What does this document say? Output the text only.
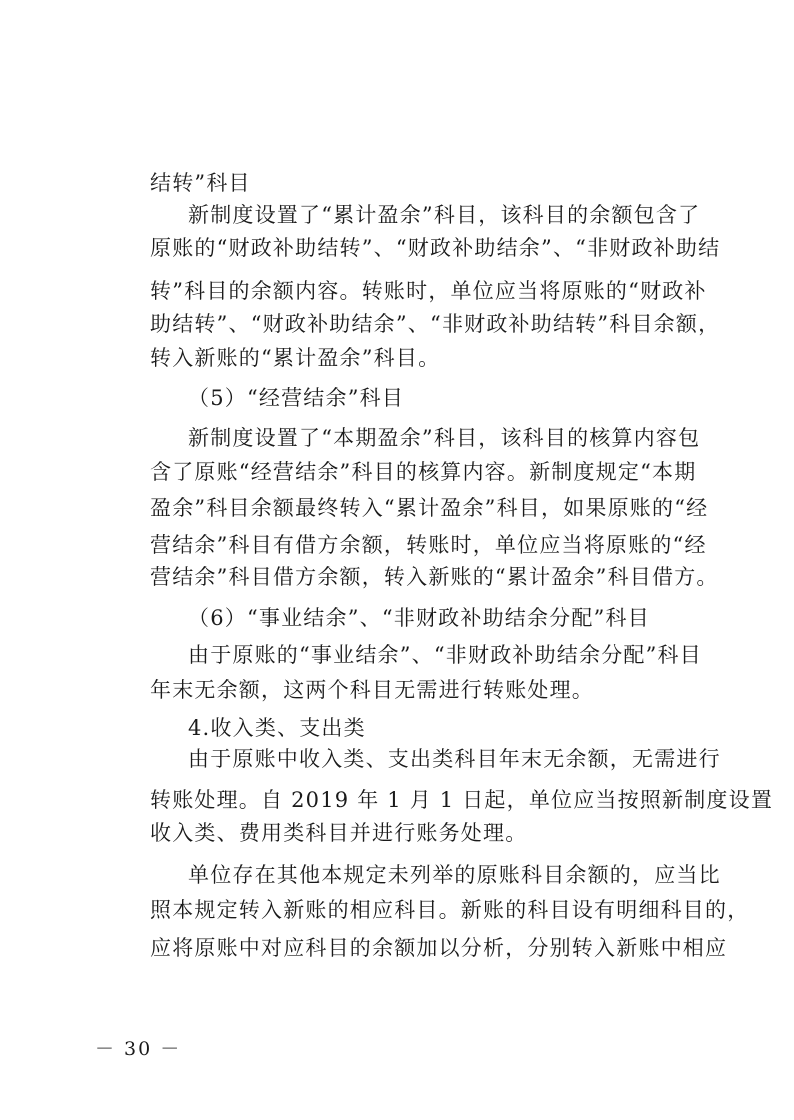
结转”科目
新制度设置了“累计盈余”科目，该科目的余额包含了
原账的“财政补助结转”、“财政补助结余”、“非财政补助结
转”科目的余额内容。转账时，单位应当将原账的“财政补
助结转”、“财政补助结余”、“非财政补助结转”科目余额，
转入新账的“累计盈余”科目。
（5）“经营结余”科目
新制度设置了“本期盈余”科目，该科目的核算内容包
含了原账“经营结余”科目的核算内容。新制度规定“本期
盈余”科目余额最终转入“累计盈余”科目，如果原账的“经
营结余”科目有借方余额，转账时，单位应当将原账的“经
营结余”科目借方余额，转入新账的“累计盈余”科目借方。
（6）“事业结余”、“非财政补助结余分配”科目
由于原账的“事业结余”、“非财政补助结余分配”科目
年末无余额，这两个科目无需进行转账处理。
4.收入类、支出类
由于原账中收入类、支出类科目年末无余额，无需进行
转账处理。自 2019 年 1 月 1 日起，单位应当按照新制度设置
收入类、费用类科目并进行账务处理。
单位存在其他本规定未列举的原账科目余额的，应当比
照本规定转入新账的相应科目。新账的科目设有明细科目的，
应将原账中对应科目的余额加以分析，分别转入新账中相应
－ 30 －
